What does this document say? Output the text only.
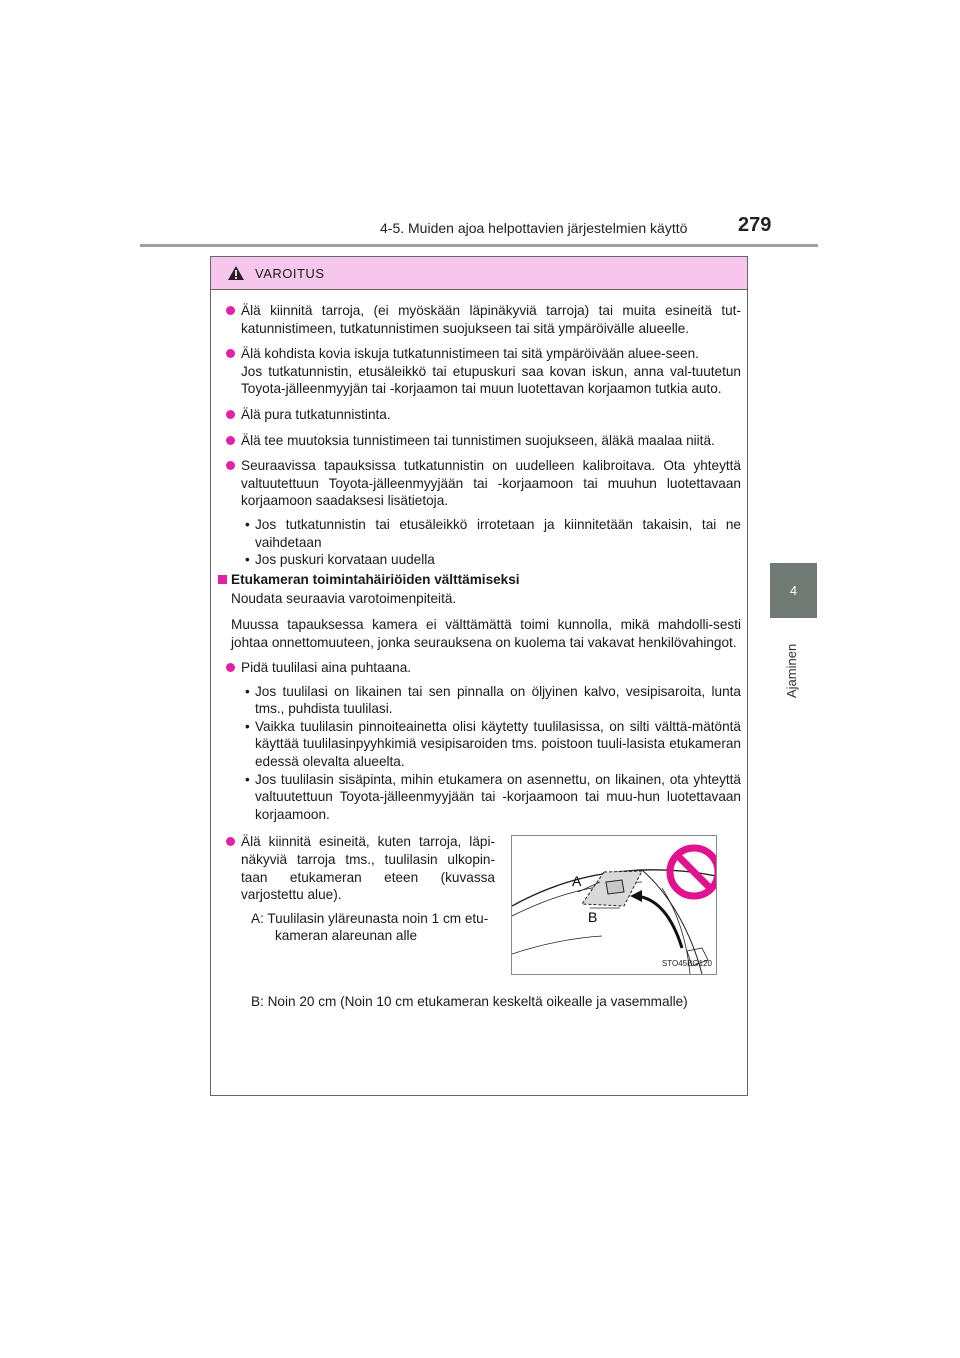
4-5. Muiden ajoa helpottavien järjestelmien käyttö	279
4
Ajaminen
VAROITUS

Älä kiinnitä tarroja, (ei myöskään läpinäkyviä tarroja) tai muita esineitä tut-katunnistimeen, tutkatunnistimen suojukseen tai sitä ympäröivälle alueelle.

Älä kohdista kovia iskuja tutkatunnistimeen tai sitä ympäröivään aluee-seen.

Jos tutkatunnistin, etusäleikkö tai etupuskuri saa kovan iskun, anna val-tuutetun Toyota-jälleenmyyjän tai -korjaamon tai muun luotettavan korjaamon tutkia auto.

Älä pura tutkatunnistinta.

Älä tee muutoksia tunnistimeen tai tunnistimen suojukseen, äläkä maalaa niitä.

Seuraavissa tapauksissa tutkatunnistin on uudelleen kalibroitava. Ota yhteyttä valtuutettuun Toyota-jälleenmyyjään tai -korjaamoon tai muuhun luotettavaan korjaamoon saadaksesi lisätietoja.

• Jos tutkatunnistin tai etusäleikkö irrotetaan ja kiinnitetään takaisin, tai ne vaihdetaan

• Jos puskuri korvataan uudella

Etukameran toimintahäiriöiden välttämiseksi

Noudata seuraavia varotoimenpiteitä.

Muussa tapauksessa kamera ei välttämättä toimi kunnolla, mikä mahdolli-sesti johtaa onnettomuuteen, jonka seurauksena on kuolema tai vakavat henkilövahingot.

Pidä tuulilasi aina puhtaana.

• Jos tuulilasi on likainen tai sen pinnalla on öljyinen kalvo, vesipisaroita, lunta tms., puhdista tuulilasi.

• Vaikka tuulilasin pinnoiteainetta olisi käytetty tuulilasissa, on silti välttä-mätöntä käyttää tuulilasinpyyhkimiä vesipisaroiden tms. poistoon tuuli-lasista etukameran edessä olevalta alueelta.

• Jos tuulilasin sisäpinta, mihin etukamera on asennettu, on likainen, ota yhteyttä valtuutettuun Toyota-jälleenmyyjään tai -korjaamoon tai muu-hun luotettavaan korjaamoon.

Älä kiinnitä esineitä, kuten tarroja, läpi-näkyviä tarroja tms., tuulilasin ulkopin-taan etukameran eteen (kuvassa varjostettu alue).

A: Tuulilasin yläreunasta noin 1 cm etu-

kameran alareunan alle

A
B
STO45BG120

B: Noin 20 cm (Noin 10 cm etukameran keskeltä oikealle ja vasemmalle)
